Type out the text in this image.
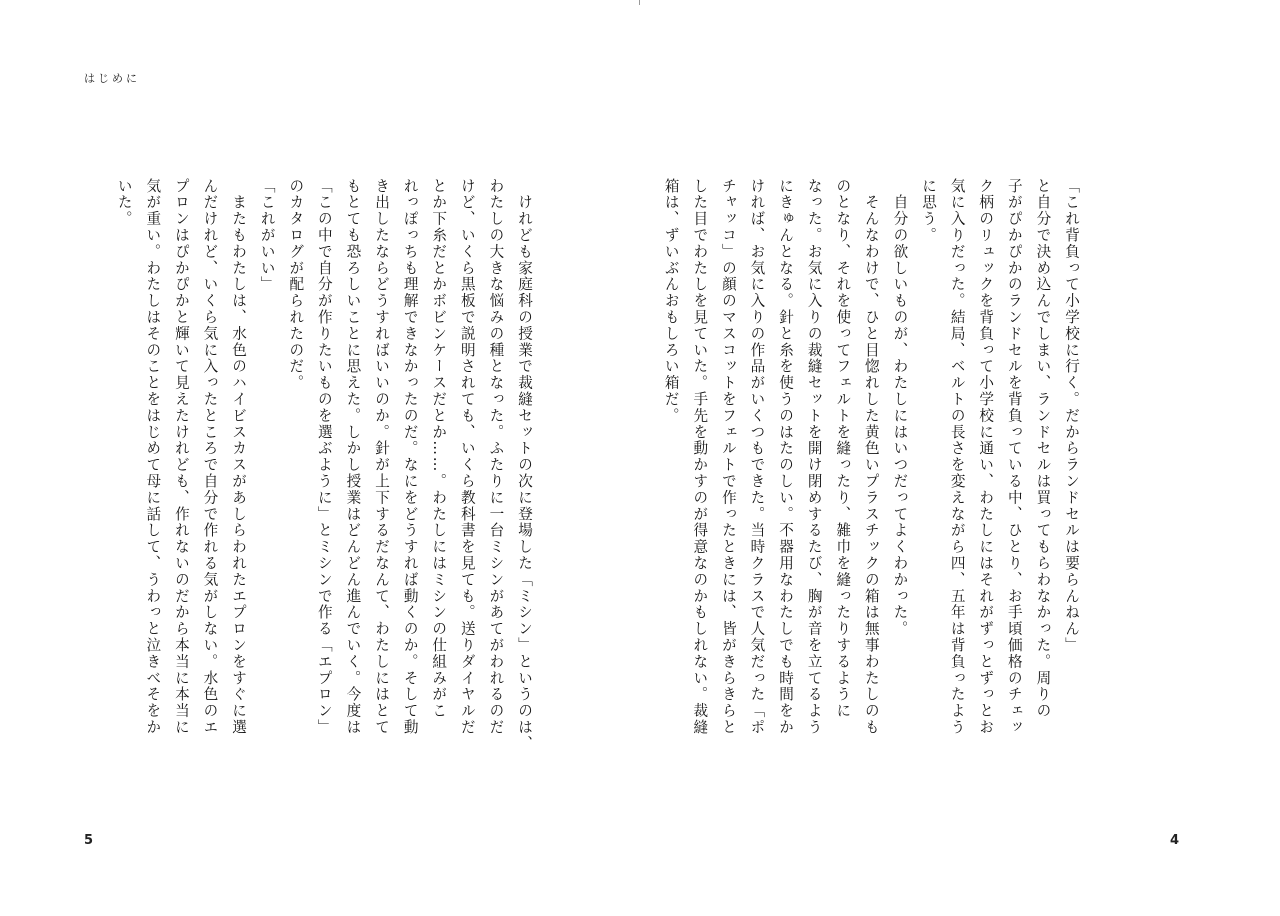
はじめに
「これ背負って小学校に行く。だからランドセルは要らんねん」
と自分で決め込んでしまい、ランドセルは買ってもらわなかった。周りの
子がぴかぴかのランドセルを背負っている中、ひとり、お手頃価格のチェッ
ク柄のリュックを背負って小学校に通い、わたしにはそれがずっとずっとお
気に入りだった。結局、ベルトの長さを変えながら四、五年は背負ったよう
に思う。
　自分の欲しいものが、わたしにはいつだってよくわかった。
　そんなわけで、ひと目惚れした黄色いプラスチックの箱は無事わたしのも
のとなり、それを使ってフェルトを縫ったり、雑巾を縫ったりするように
なった。お気に入りの裁縫セットを開け閉めするたび、胸が音を立てるよう
にきゅんとなる。針と糸を使うのはたのしい。不器用なわたしでも時間をか
ければ、お気に入りの作品がいくつもできた。当時クラスで人気だった「ポ
チャッコ」の顔のマスコットをフェルトで作ったときには、皆がきらきらと
した目でわたしを見ていた。手先を動かすのが得意なのかもしれない。裁縫
箱は、ずいぶんおもしろい箱だ。
　けれども家庭科の授業で裁縫セットの次に登場した「ミシン」というのは、
わたしの大きな悩みの種となった。ふたりに一台ミシンがあてがわれるのだ
けど、いくら黒板で説明されても、いくら教科書を見ても。送りダイヤルだ
とか下糸だとかボビンケースだとか……。わたしにはミシンの仕組みがこ
れっぽっちも理解できなかったのだ。なにをどうすれば動くのか。そして動
き出したならどうすればいいのか。針が上下するだなんて、わたしにはとて
もとても恐ろしいことに思えた。しかし授業はどんどん進んでいく。今度は
「この中で自分が作りたいものを選ぶように」とミシンで作る「エプロン」
のカタログが配られたのだ。
「これがいい」
　またもわたしは、水色のハイビスカスがあしらわれたエプロンをすぐに選
んだけれど、いくら気に入ったところで自分で作れる気がしない。水色のエ
プロンはぴかぴかと輝いて見えたけれども、作れないのだから本当に本当に
気が重い。わたしはそのことをはじめて母に話して、うわっと泣きべそをか
いた。
5	4
